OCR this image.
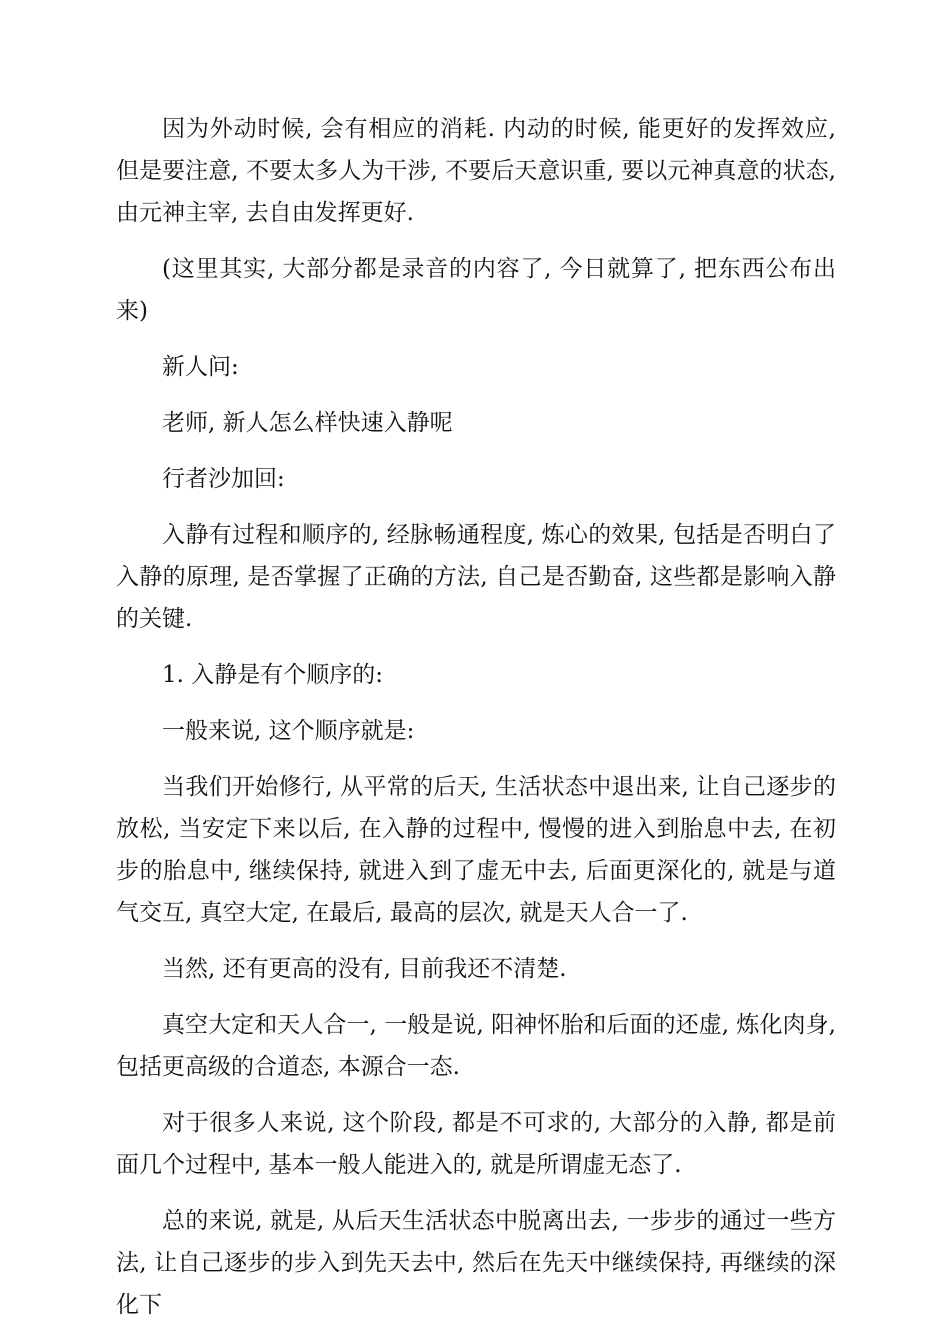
因为外动时候, 会有相应的消耗. 内动的时候, 能更好的发挥效应, 但是要注意, 不要太多人为干涉, 不要后天意识重, 要以元神真意的状态, 由元神主宰, 去自由发挥更好.

(这里其实, 大部分都是录音的内容了, 今日就算了, 把东西公布出来)

新人问:

老师, 新人怎么样快速入静呢

行者沙加回:

入静有过程和顺序的, 经脉畅通程度, 炼心的效果, 包括是否明白了入静的原理, 是否掌握了正确的方法, 自己是否勤奋, 这些都是影响入静的关键.

1. 入静是有个顺序的:

一般来说, 这个顺序就是:

当我们开始修行, 从平常的后天, 生活状态中退出来, 让自己逐步的放松, 当安定下来以后, 在入静的过程中, 慢慢的进入到胎息中去, 在初步的胎息中, 继续保持, 就进入到了虚无中去, 后面更深化的, 就是与道气交互, 真空大定, 在最后, 最高的层次, 就是天人合一了.

当然, 还有更高的没有, 目前我还不清楚.

真空大定和天人合一, 一般是说, 阳神怀胎和后面的还虚, 炼化肉身, 包括更高级的合道态, 本源合一态.

对于很多人来说, 这个阶段, 都是不可求的, 大部分的入静, 都是前面几个过程中, 基本一般人能进入的, 就是所谓虚无态了.

总的来说, 就是, 从后天生活状态中脱离出去, 一步步的通过一些方法, 让自己逐步的步入到先天去中, 然后在先天中继续保持, 再继续的深化下
